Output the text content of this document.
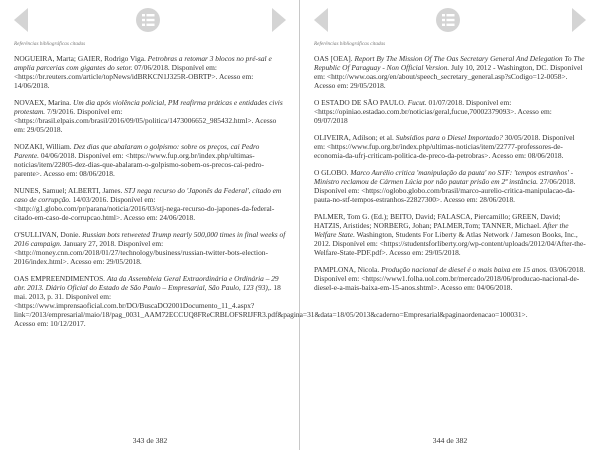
Referências bibliográficas citadas

NOGUEIRA, Marta; GAIER, Rodrigo Viga. Petrobras a retomar 3 blocos no pré-sal e amplia parcerias com gigantes do setor. 07/06/2018. Disponível em: <https://br.reuters.com/article/topNews/idBRKCN1J325R-OBRTP>. Acesso em: 14/06/2018.

NOVAEX, Marina. Um dia após violência policial, PM reafirma práticas e entidades civis protestam. 7/9/2016. Disponível em: <https://brasil.elpais.com/brasil/2016/09/05/politica/1473006652_985432.html>. Acesso em: 29/05/2018.

NOZAKI, William. Dez dias que abalaram o golpismo: sobre os preços, cai Pedro Parente. 04/06/2018. Disponível em: <https://www.fup.org.br/index.php/ultimas-noticias/item/22805-dez-dias-que-abalaram-o-golpismo-sobem-os-precos-cai-pedro-parente>. Acesso em: 08/06/2018.

NUNES, Samuel; ALBERTI, James. STJ nega recurso do 'Japonês da Federal', citado em caso de corrupção. 14/03/2016. Disponível em: <http://g1.globo.com/pr/parana/noticia/2016/03/stj-nega-recurso-do-japones-da-federal-citado-em-caso-de-corrupcao.html>. Acesso em: 24/06/2018.

O'SULLIVAN, Donie. Russian bots retweeted Trump nearly 500,000 times in final weeks of 2016 campaign. January 27, 2018. Disponível em: <http://money.cnn.com/2018/01/27/technology/business/russian-twitter-bots-election-2016/index.html>. Acesso em: 29/05/2018.

OAS EMPREENDIMENTOS. Ata da Assembleia Geral Extraordinária e Ordinária – 29 abr. 2013. Diário Oficial do Estado de São Paulo – Empresarial, São Paulo, 123 (93),. 18 mai. 2013, p. 31. Disponível em: <https://www.imprensaoficial.com.br/DO/BuscaDO2001Documento_11_4.aspx?link=/2013/empresarial/maio/18/pag_0031_AAM72ECCUQ8FReCRBLOFSRIJFR3.pdf&pagina=31&data=18/05/2013&caderno=Empresarial&paginaordenacao=100031>. Acesso em: 10/12/2017.

343 de 382
Referências bibliográficas citadas

OAS [OEA]. Report By The Mission Of The Oas Secretary General And Delegation To The Republic Of Paraguay - Non Official Version. July 10, 2012 - Washington, DC. Disponível em: <http://www.oas.org/en/about/speech_secretary_general.asp?sCodigo=12-0058>. Acesso em: 29/05/2018.

O ESTADO DE SÃO PAULO. Fucut. 01/07/2018. Disponível em: <https://opiniao.estadao.com.br/noticias/geral,fucue,70002379093>. Acesso em: 09/07/2018

OLIVEIRA, Adilson; et al. Subsídios para o Diesel Importado? 30/05/2018. Disponível em: <https://www.fup.org.br/index.php/ultimas-noticias/item/22777-professores-de-economia-da-ufrj-criticam-politica-de-preco-da-petrobras>. Acesso em: 08/06/2018.

O GLOBO. Marco Aurélio critica 'manipulação da pauta' no STF: 'tempos estranhos' - Ministro reclamou de Cármen Lúcia por não pautar prisão em 2ª instância. 27/06/2018. Disponível em: <https://oglobo.globo.com/brasil/marco-aurelio-critica-manipulacao-da-pauta-no-stf-tempos-estranhos-22827300>. Acesso em: 28/06/2018.

PALMER, Tom G. (Ed.); BEITO, David; FALASCA, Piercamillo; GREEN, David; HATZIS, Aristides; NORBERG, Johan; PALMER,Tom; TANNER, Michael. After the Welfare State. Washington, Students For Liberty & Atlas Network / Jameson Books, Inc., 2012. Disponível em: <https://studentsforliberty.org/wp-content/uploads/2012/04/After-the-Welfare-State-PDF.pdf>. Acesso em: 29/05/2018.

PAMPLONA, Nicola. Produção nacional de diesel é o mais baixa em 15 anos. 03/06/2018. Disponível em: <https://www1.folha.uol.com.br/mercado/2018/06/producao-nacional-de-diesel-e-a-mais-baixa-em-15-anos.shtml>. Acesso em: 04/06/2018.

344 de 382
